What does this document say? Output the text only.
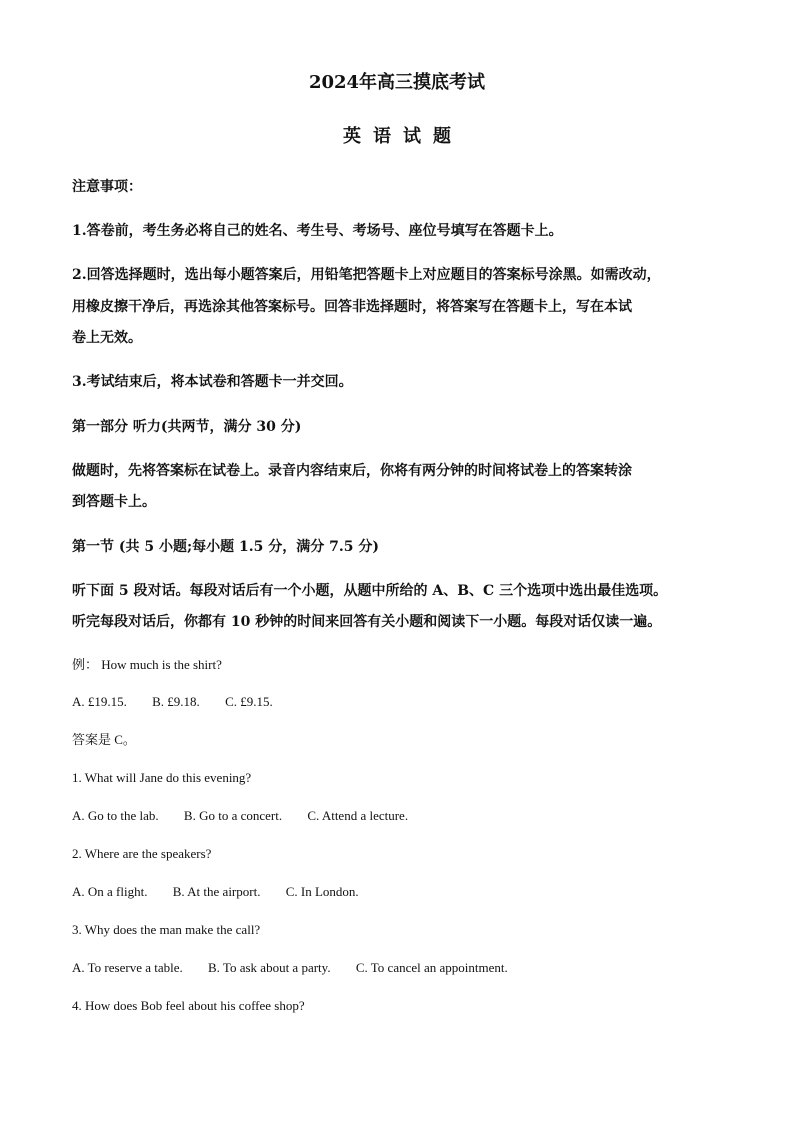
2024年高三摸底考试
英语试题
注意事项：
1.答卷前，考生务必将自己的姓名、考生号、考场号、座位号填写在答题卡上。
2.回答选择题时，选出每小题答案后，用铅笔把答题卡上对应题目的答案标号涂黑。如需改动，
用橡皮擦干净后，再选涂其他答案标号。回答非选择题时，将答案写在答题卡上，写在本试
卷上无效。
3.考试结束后，将本试卷和答题卡一并交回。
第一部分 听力(共两节，满分 30 分)
做题时，先将答案标在试卷上。录音内容结束后，你将有两分钟的时间将试卷上的答案转涂
到答题卡上。
第一节 (共 5 小题;每小题 1.5 分，满分 7.5 分)
听下面 5 段对话。每段对话后有一个小题，从题中所给的 A、B、C 三个选项中选出最佳选项。
听完每段对话后，你都有 10 秒钟的时间来回答有关小题和阅读下一小题。每段对话仅读一遍。
例： How much is the shirt?
A. £19.15. B. £9.18. C. £9.15.
答案是 C。
1. What will Jane do this evening?
A. Go to the lab. B. Go to a concert. C. Attend a lecture.
2. Where are the speakers?
A. On a flight. B. At the airport. C. In London.
3. Why does the man make the call?
A. To reserve a table. B. To ask about a party. C. To cancel an appointment.
4. How does Bob feel about his coffee shop?
